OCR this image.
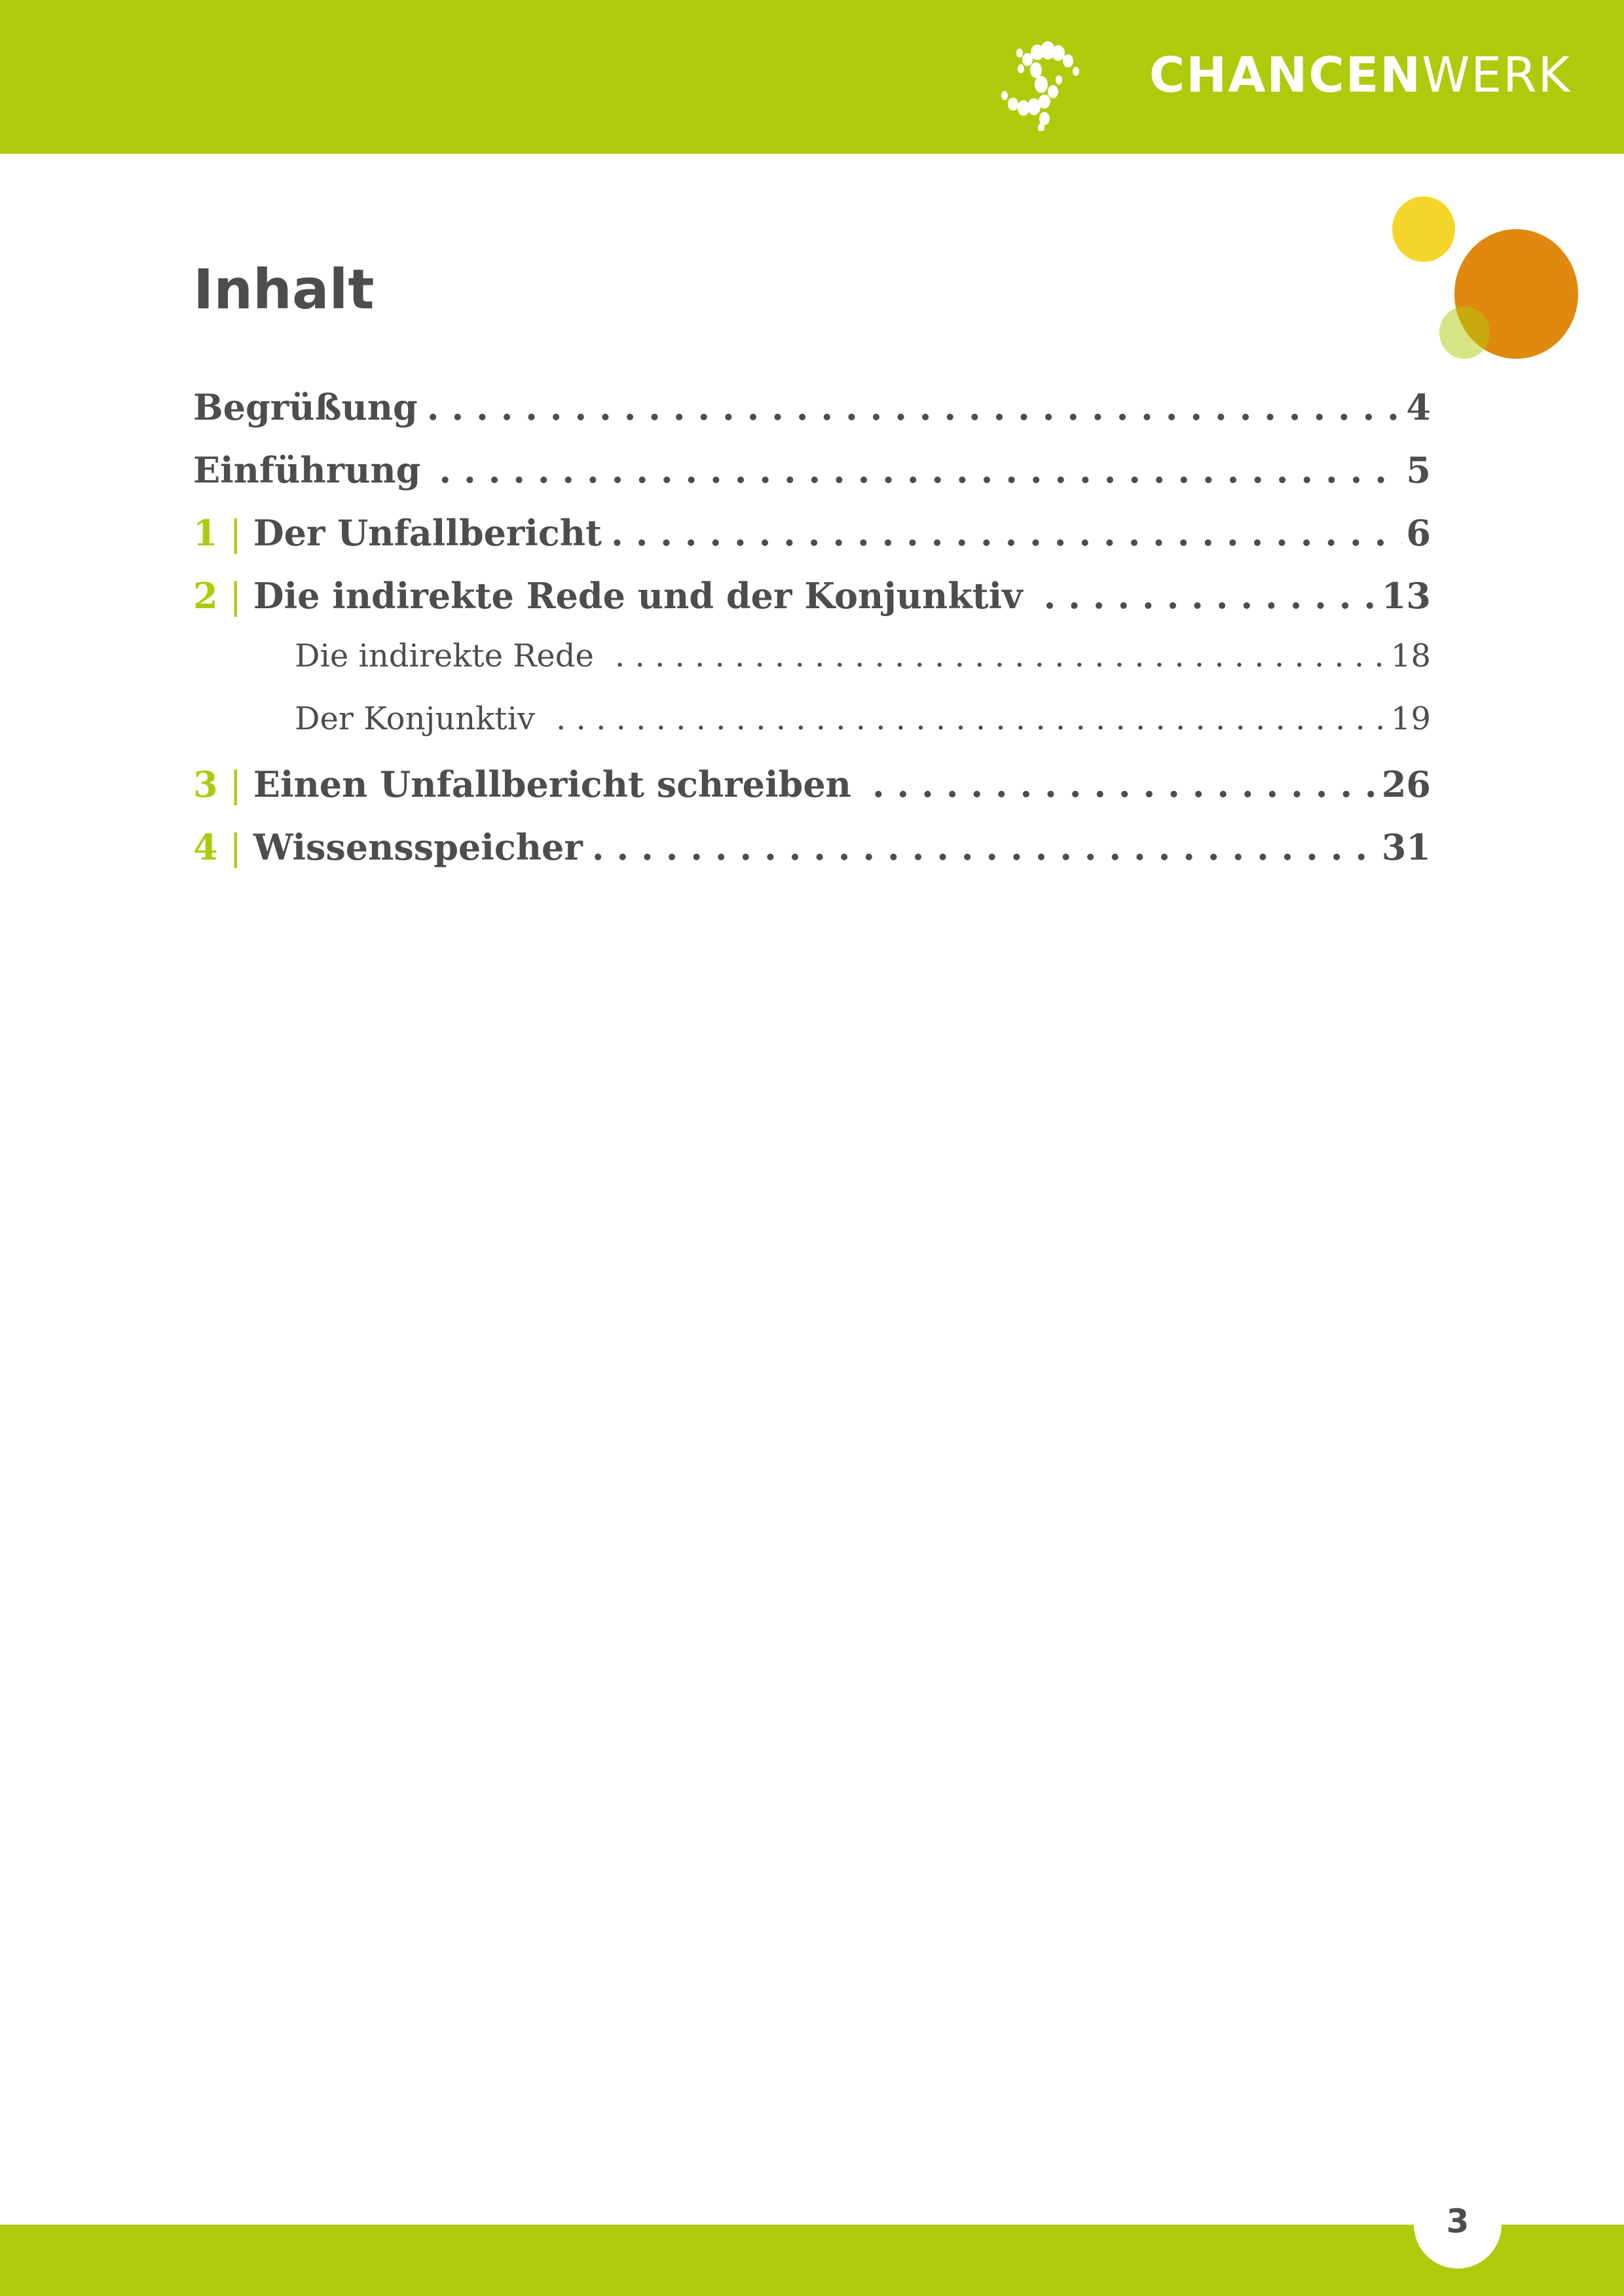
CHANCENWERK
Inhalt
Begrüßung . . .	4
Einführung . . .	5
1 | Der Unfallbericht . . .	6
2 | Die indirekte Rede und der Konjunktiv . . .	13
Die indirekte Rede . . .	18
Der Konjunktiv . . .	19
3 | Einen Unfallbericht schreiben . . .	26
4 | Wissensspeicher . . .	31
3
